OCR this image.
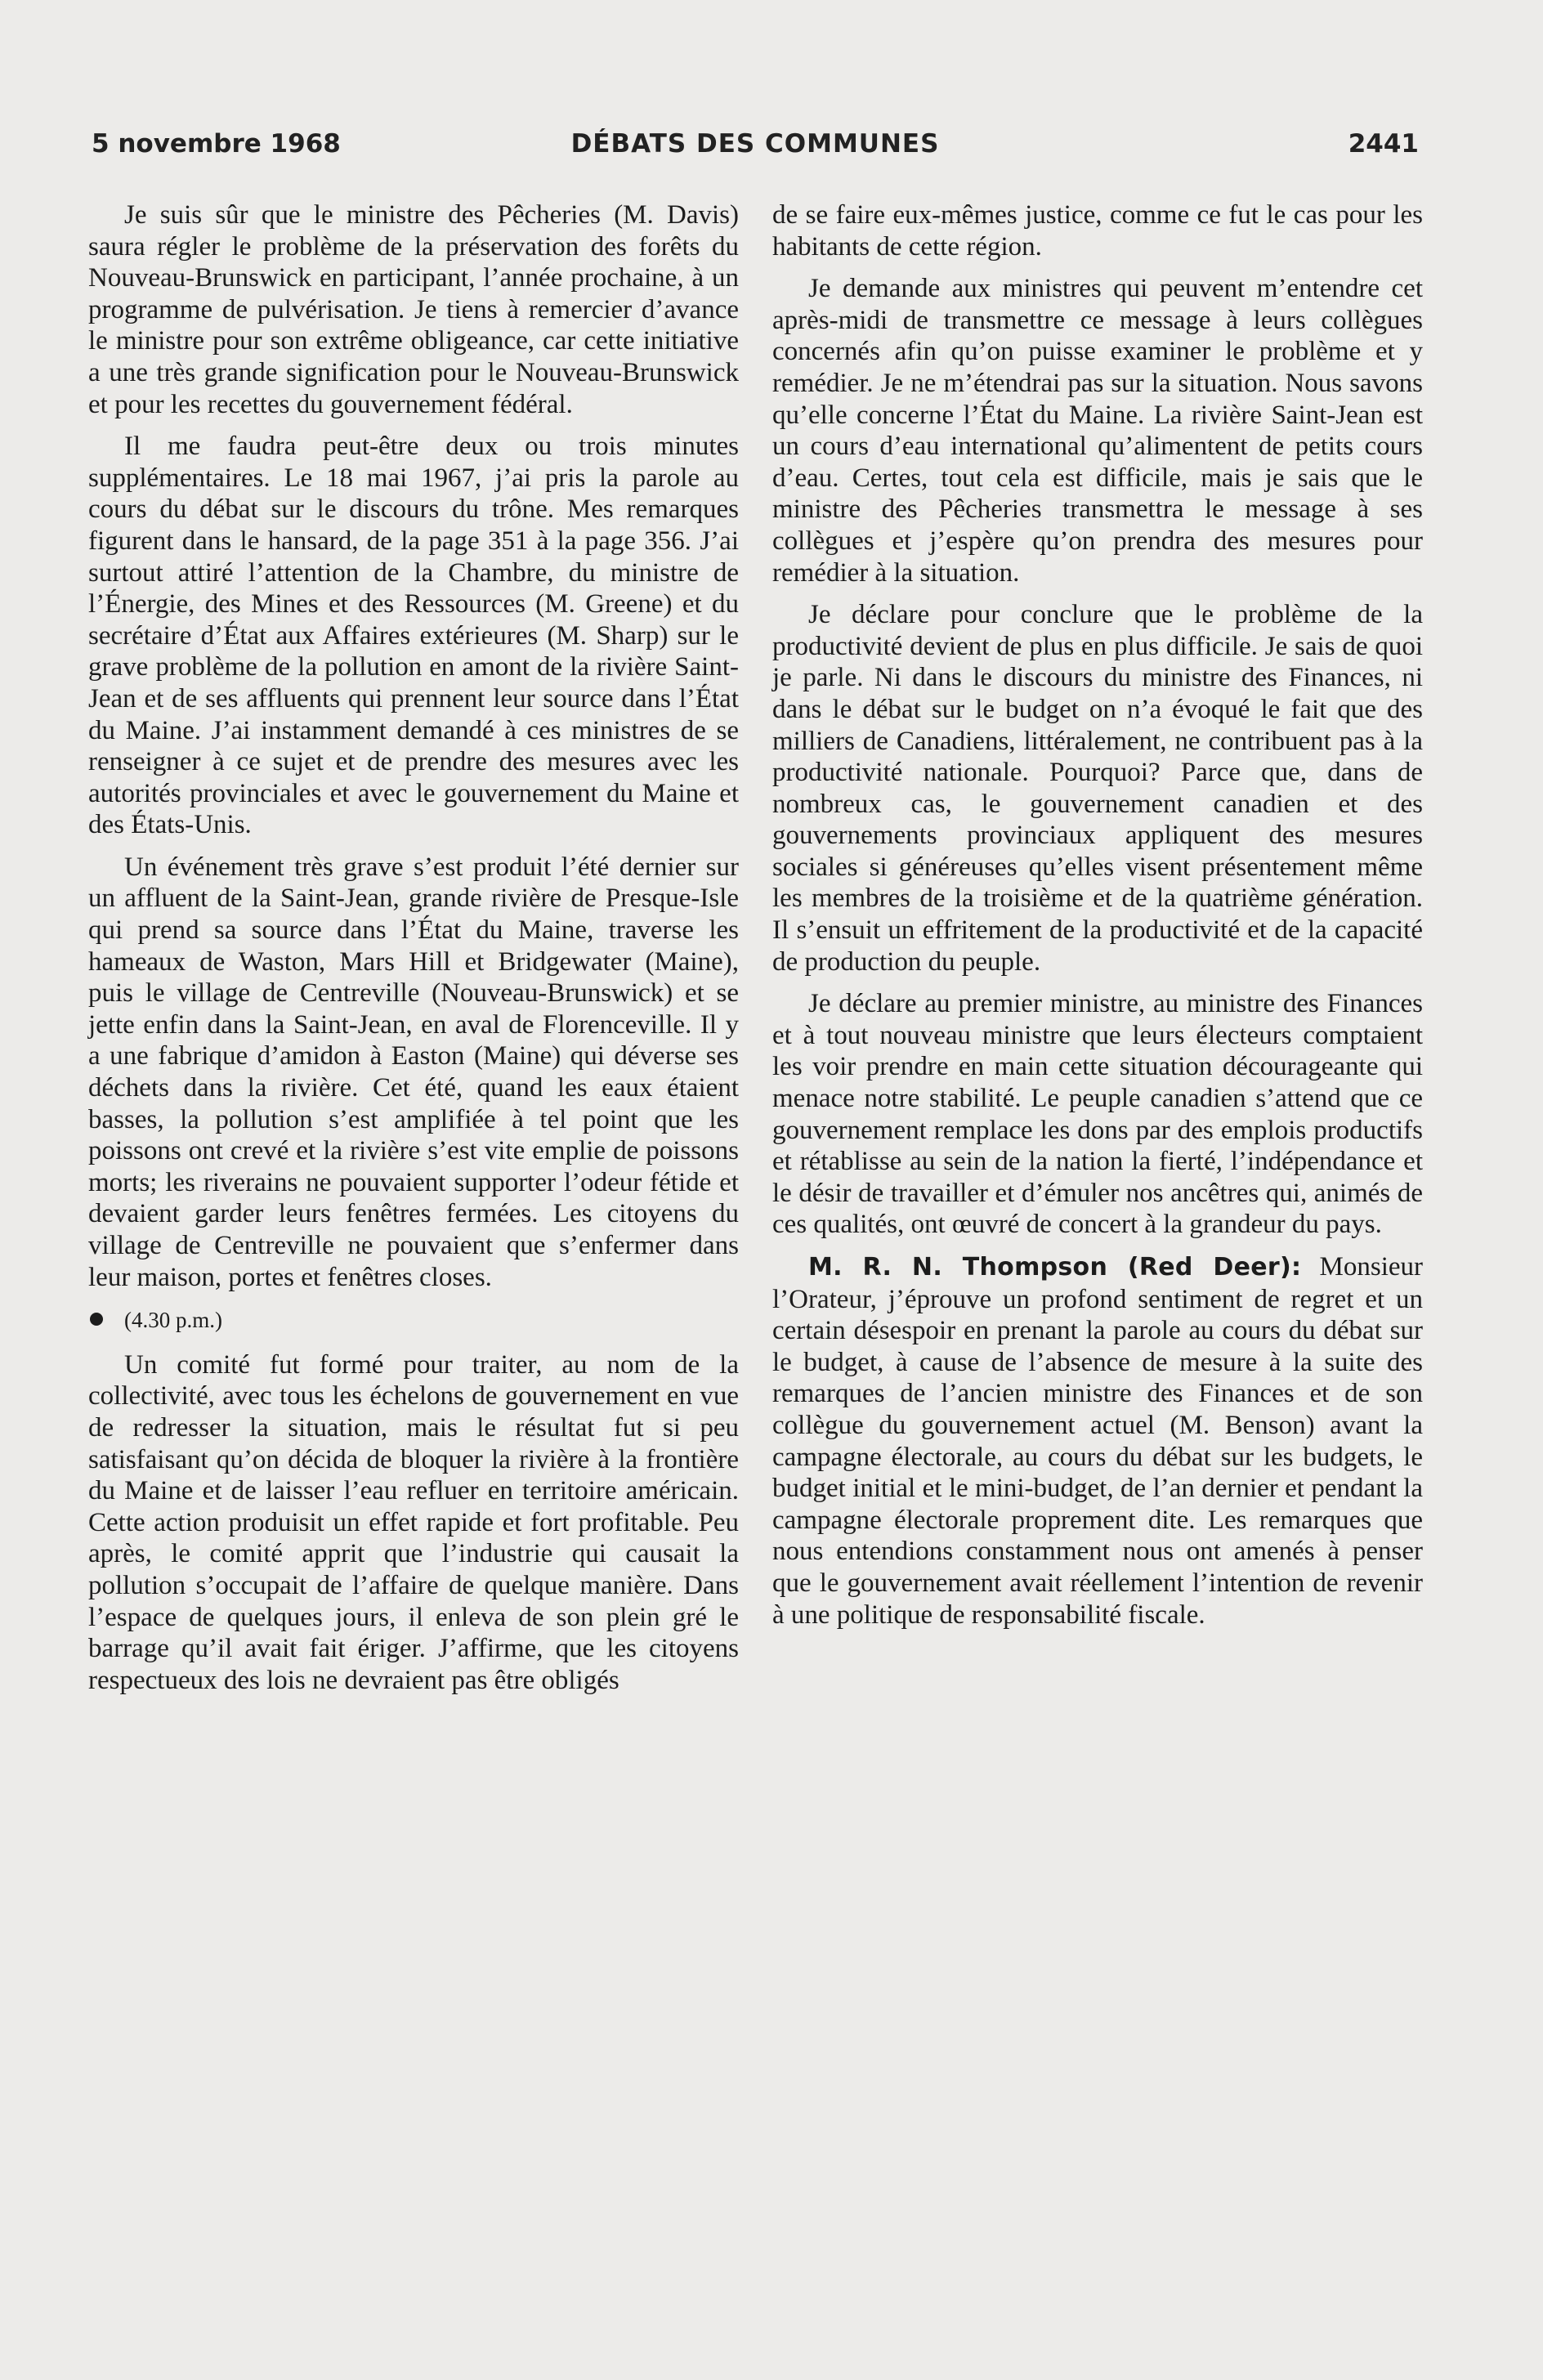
5 novembre 1968	DÉBATS DES COMMUNES	2441

Je suis sûr que le ministre des Pêcheries (M. Davis) saura régler le problème de la préservation des forêts du Nouveau-Brunswick en participant, l’année prochaine, à un programme de pulvérisation. Je tiens à remercier d’avance le ministre pour son extrême obligeance, car cette initiative a une très grande signification pour le Nouveau-Brunswick et pour les recettes du gouvernement fédéral.

Il me faudra peut-être deux ou trois minutes supplémentaires. Le 18 mai 1967, j’ai pris la parole au cours du débat sur le discours du trône. Mes remarques figurent dans le hansard, de la page 351 à la page 356. J’ai surtout attiré l’attention de la Chambre, du ministre de l’Énergie, des Mines et des Ressources (M. Greene) et du secrétaire d’État aux Affaires extérieures (M. Sharp) sur le grave problème de la pollution en amont de la rivière Saint-Jean et de ses affluents qui prennent leur source dans l’État du Maine. J’ai instamment demandé à ces ministres de se renseigner à ce sujet et de prendre des mesures avec les autorités provinciales et avec le gouvernement du Maine et des États-Unis.

Un événement très grave s’est produit l’été dernier sur un affluent de la Saint-Jean, grande rivière de Presque-Isle qui prend sa source dans l’État du Maine, traverse les hameaux de Waston, Mars Hill et Bridgewater (Maine), puis le village de Centreville (Nouveau-Brunswick) et se jette enfin dans la Saint-Jean, en aval de Florenceville. Il y a une fabrique d’amidon à Easton (Maine) qui déverse ses déchets dans la rivière. Cet été, quand les eaux étaient basses, la pollution s’est amplifiée à tel point que les poissons ont crevé et la rivière s’est vite emplie de poissons morts; les riverains ne pouvaient supporter l’odeur fétide et devaient garder leurs fenêtres fermées. Les citoyens du village de Centreville ne pouvaient que s’enfermer dans leur maison, portes et fenêtres closes.

(4.30 p.m.)

Un comité fut formé pour traiter, au nom de la collectivité, avec tous les échelons de gouvernement en vue de redresser la situation, mais le résultat fut si peu satisfaisant qu’on décida de bloquer la rivière à la frontière du Maine et de laisser l’eau refluer en territoire américain. Cette action produisit un effet rapide et fort profitable. Peu après, le comité apprit que l’industrie qui causait la pollution s’occupait de l’affaire de quelque manière. Dans l’espace de quelques jours, il enleva de son plein gré le barrage qu’il avait fait ériger. J’affirme, que les citoyens respectueux des lois ne devraient pas être obligés

de se faire eux-mêmes justice, comme ce fut le cas pour les habitants de cette région.

Je demande aux ministres qui peuvent m’entendre cet après-midi de transmettre ce message à leurs collègues concernés afin qu’on puisse examiner le problème et y remédier. Je ne m’étendrai pas sur la situation. Nous savons qu’elle concerne l’État du Maine. La rivière Saint-Jean est un cours d’eau international qu’alimentent de petits cours d’eau. Certes, tout cela est difficile, mais je sais que le ministre des Pêcheries transmettra le message à ses collègues et j’espère qu’on prendra des mesures pour remédier à la situation.

Je déclare pour conclure que le problème de la productivité devient de plus en plus difficile. Je sais de quoi je parle. Ni dans le discours du ministre des Finances, ni dans le débat sur le budget on n’a évoqué le fait que des milliers de Canadiens, littéralement, ne contribuent pas à la productivité nationale. Pourquoi? Parce que, dans de nombreux cas, le gouvernement canadien et des gouvernements provinciaux appliquent des mesures sociales si généreuses qu’elles visent présentement même les membres de la troisième et de la quatrième génération. Il s’ensuit un effritement de la productivité et de la capacité de production du peuple.

Je déclare au premier ministre, au ministre des Finances et à tout nouveau ministre que leurs électeurs comptaient les voir prendre en main cette situation décourageante qui menace notre stabilité. Le peuple canadien s’attend que ce gouvernement remplace les dons par des emplois productifs et rétablisse au sein de la nation la fierté, l’indépendance et le désir de travailler et d’émuler nos ancêtres qui, animés de ces qualités, ont œuvré de concert à la grandeur du pays.

M. R. N. Thompson (Red Deer): Monsieur l’Orateur, j’éprouve un profond sentiment de regret et un certain désespoir en prenant la parole au cours du débat sur le budget, à cause de l’absence de mesure à la suite des remarques de l’ancien ministre des Finances et de son collègue du gouvernement actuel (M. Benson) avant la campagne électorale, au cours du débat sur les budgets, le budget initial et le mini-budget, de l’an dernier et pendant la campagne électorale proprement dite. Les remarques que nous entendions constamment nous ont amenés à penser que le gouvernement avait réellement l’intention de revenir à une politique de responsabilité fiscale.
